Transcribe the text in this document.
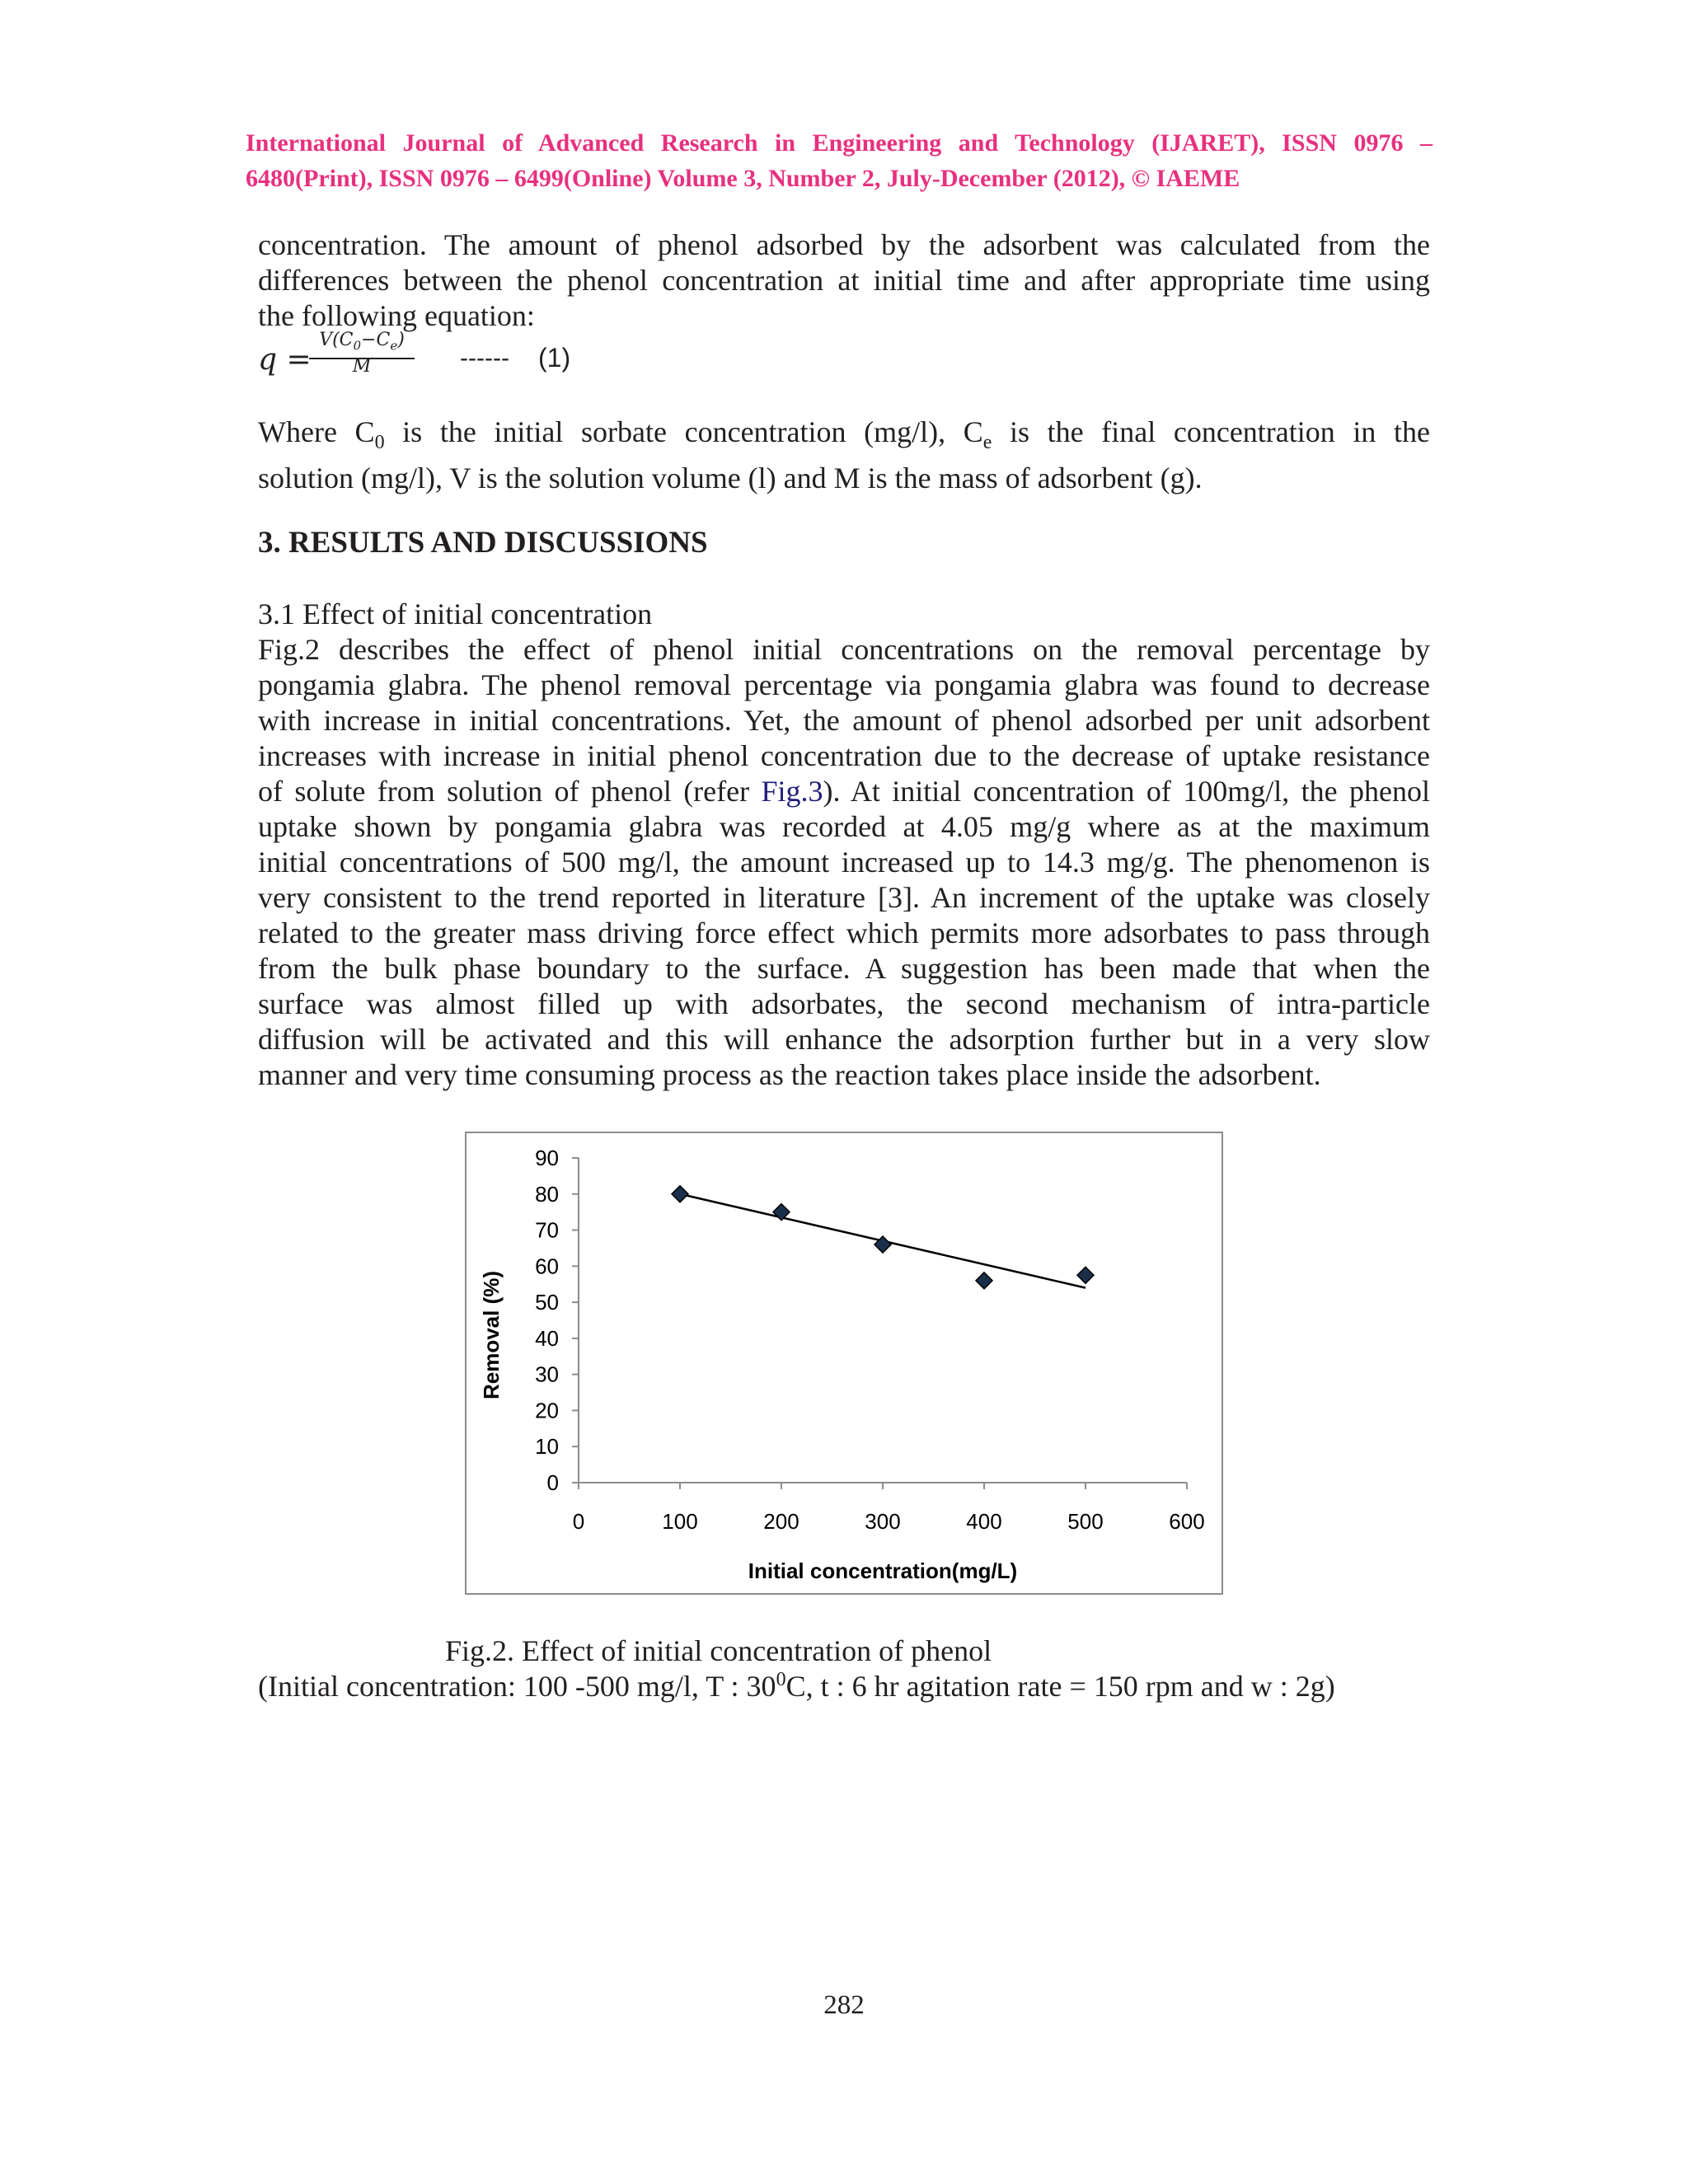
International Journal of Advanced Research in Engineering and Technology (IJARET), ISSN 0976 –
6480(Print), ISSN 0976 – 6499(Online) Volume 3, Number 2, July-December (2012), © IAEME
concentration. The amount of phenol adsorbed by the adsorbent was calculated from the
differences between the phenol concentration at initial time and after appropriate time using
the following equation:
q =
$V(C_0-C_e)$
M	------ (1)
Where $C_0$ is the initial sorbate concentration (mg/l), $C_e$ is the final concentration in the
solution (mg/l), V is the solution volume (l) and M is the mass of adsorbent (g).
3. RESULTS AND DISCUSSIONS
3.1 Effect of initial concentration
Fig.2 describes the effect of phenol initial concentrations on the removal percentage by
pongamia glabra. The phenol removal percentage via pongamia glabra was found to decrease
with increase in initial concentrations. Yet, the amount of phenol adsorbed per unit adsorbent
increases with increase in initial phenol concentration due to the decrease of uptake resistance
of solute from solution of phenol (refer Fig.3). At initial concentration of 100mg/l, the phenol
uptake shown by pongamia glabra was recorded at 4.05 mg/g where as at the maximum
initial concentrations of 500 mg/l, the amount increased up to 14.3 mg/g. The phenomenon is
very consistent to the trend reported in literature [3]. An increment of the uptake was closely
related to the greater mass driving force effect which permits more adsorbates to pass through
from the bulk phase boundary to the surface. A suggestion has been made that when the
surface was almost filled up with adsorbates, the second mechanism of intra-particle
diffusion will be activated and this will enhance the adsorption further but in a very slow
manner and very time consuming process as the reaction takes place inside the adsorbent.
0
10
20
30
40
50
60
70
80
90
0	100	200	300	400	500	600
Initial concentration(mg/L)
Removal (%)
Fig.2. Effect of initial concentration of phenol
(Initial concentration: 100 -500 mg/l, T : $30^0C$, t : 6 hr agitation rate = 150 rpm and w : 2g)
282
